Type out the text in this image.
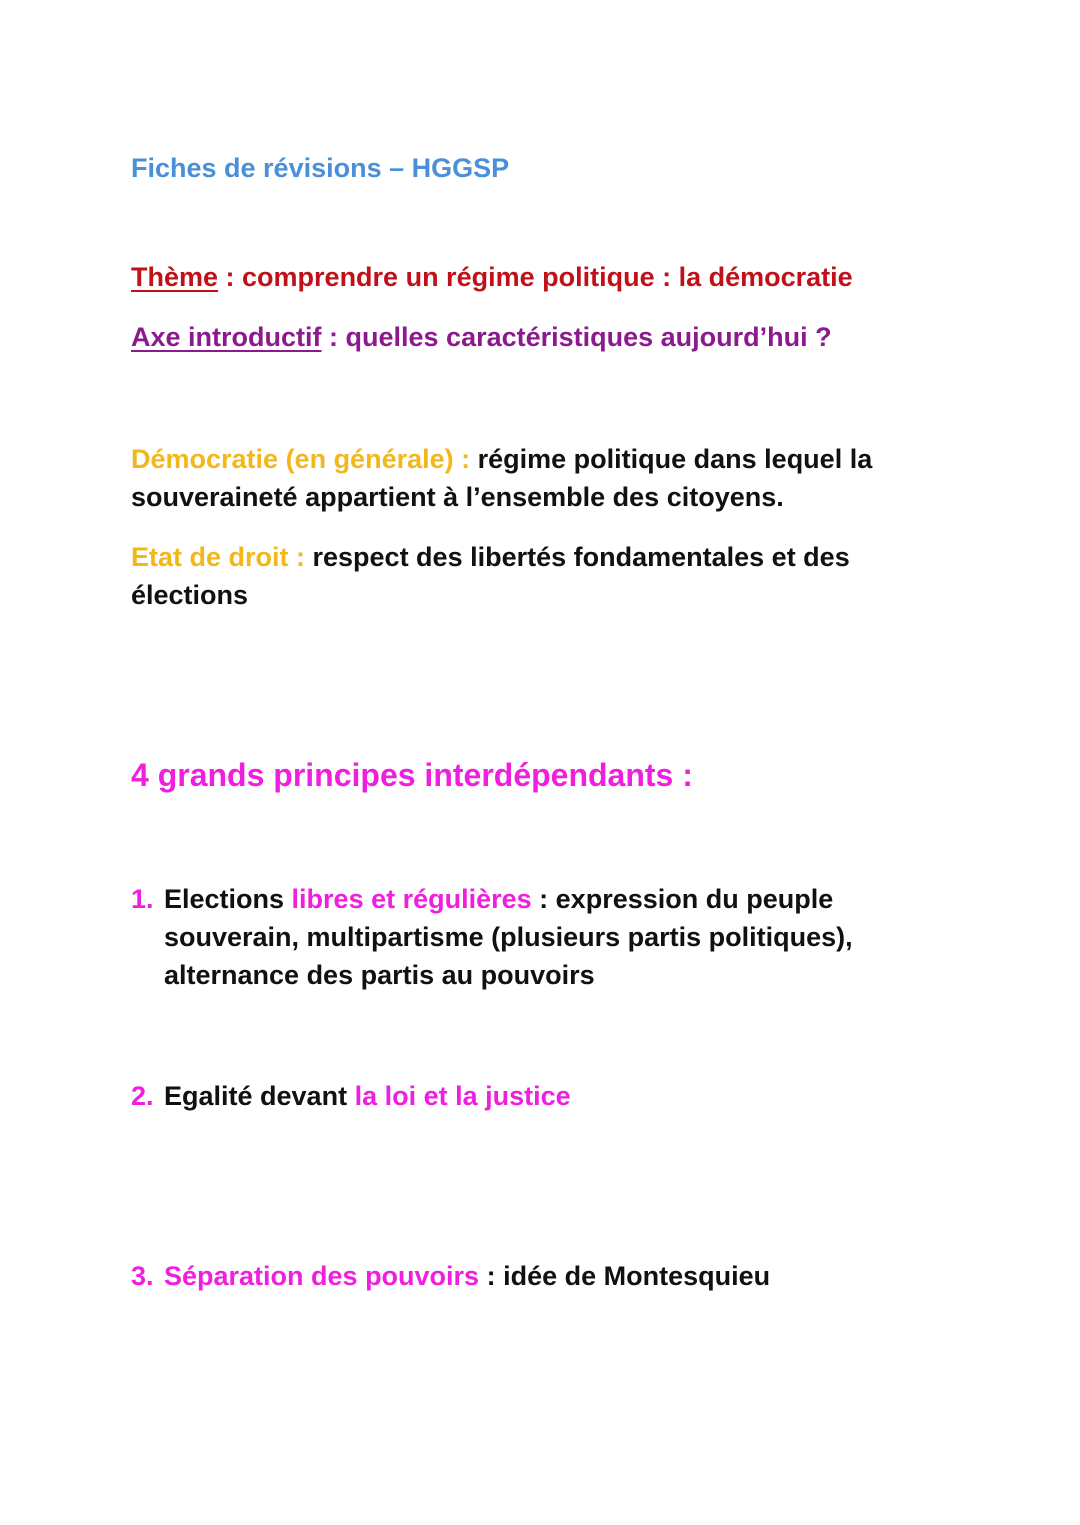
Fiches de révisions – HGGSP

Thème : comprendre un régime politique : la démocratie

Axe introductif : quelles caractéristiques aujourd’hui ?

Démocratie (en générale) : régime politique dans lequel la souveraineté appartient à l’ensemble des citoyens.

Etat de droit : respect des libertés fondamentales et des élections

4 grands principes interdépendants :

1. Elections libres et régulières : expression du peuple souverain, multipartisme (plusieurs partis politiques), alternance des partis au pouvoirs
2. Egalité devant la loi et la justice
3. Séparation des pouvoirs : idée de Montesquieu
